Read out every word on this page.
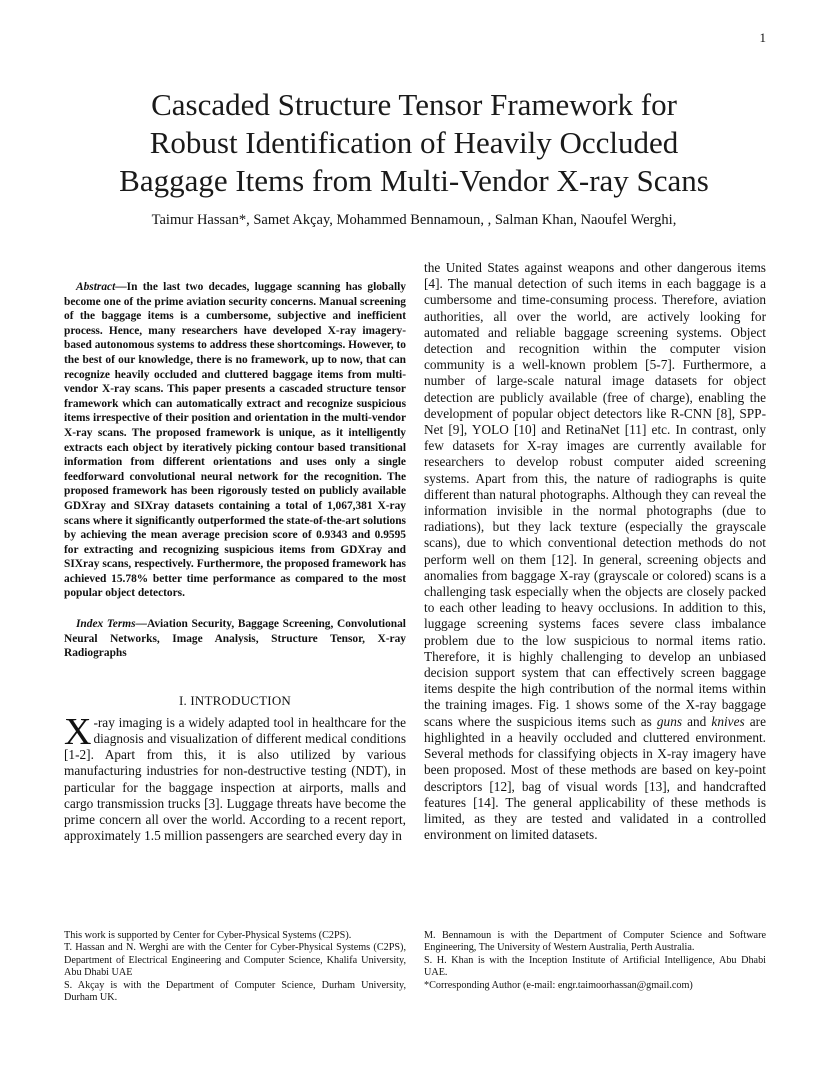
1
Cascaded Structure Tensor Framework for
Robust Identification of Heavily Occluded
Baggage Items from Multi-Vendor X-ray Scans
Taimur Hassan*, Samet Akçay, Mohammed Bennamoun, , Salman Khan, Naoufel Werghi,

Abstract—In the last two decades, luggage scanning has globally become one of the prime aviation security concerns. Manual screening of the baggage items is a cumbersome, subjective and inefficient process. Hence, many researchers have developed X-ray imagery-based autonomous systems to address these shortcomings. However, to the best of our knowledge, there is no framework, up to now, that can recognize heavily occluded and cluttered baggage items from multi-vendor X-ray scans. This paper presents a cascaded structure tensor framework which can automatically extract and recognize suspicious items irrespective of their position and orientation in the multi-vendor X-ray scans. The proposed framework is unique, as it intelligently extracts each object by iteratively picking contour based transitional information from different orientations and uses only a single feedforward convolutional neural network for the recognition. The proposed framework has been rigorously tested on publicly available GDXray and SIXray datasets containing a total of 1,067,381 X-ray scans where it significantly outperformed the state-of-the-art solutions by achieving the mean average precision score of 0.9343 and 0.9595 for extracting and recognizing suspicious items from GDXray and SIXray scans, respectively. Furthermore, the proposed framework has achieved 15.78% better time performance as compared to the most popular object detectors.

Index Terms—Aviation Security, Baggage Screening, Convolutional Neural Networks, Image Analysis, Structure Tensor, X-ray Radiographs

I. INTRODUCTION

X -ray imaging is a widely adapted tool in healthcare for the diagnosis and visualization of different medical conditions [1-2]. Apart from this, it is also utilized by various manufacturing industries for non-destructive testing (NDT), in particular for the baggage inspection at airports, malls and cargo transmission trucks [3]. Luggage threats have become the prime concern all over the world. According to a recent report, approximately 1.5 million passengers are searched every day in

the United States against weapons and other dangerous items [4]. The manual detection of such items in each baggage is a cumbersome and time-consuming process. Therefore, aviation authorities, all over the world, are actively looking for automated and reliable baggage screening systems. Object detection and recognition within the computer vision community is a well-known problem [5-7]. Furthermore, a number of large-scale natural image datasets for object detection are publicly available (free of charge), enabling the development of popular object detectors like R-CNN [8], SPP-Net [9], YOLO [10] and RetinaNet [11] etc. In contrast, only few datasets for X-ray images are currently available for researchers to develop robust computer aided screening systems. Apart from this, the nature of radiographs is quite different than natural photographs. Although they can reveal the information invisible in the normal photographs (due to radiations), but they lack texture (especially the grayscale scans), due to which conventional detection methods do not perform well on them [12]. In general, screening objects and anomalies from baggage X-ray (grayscale or colored) scans is a challenging task especially when the objects are closely packed to each other leading to heavy occlusions. In addition to this, luggage screening systems faces severe class imbalance problem due to the low suspicious to normal items ratio. Therefore, it is highly challenging to develop an unbiased decision support system that can effectively screen baggage items despite the high contribution of the normal items within the training images. Fig. 1 shows some of the X-ray baggage scans where the suspicious items such as guns and knives are highlighted in a heavily occluded and cluttered environment. Several methods for classifying objects in X-ray imagery have been proposed. Most of these methods are based on key-point descriptors [12], bag of visual words [13], and handcrafted features [14]. The general applicability of these methods is limited, as they are tested and validated in a controlled environment on limited datasets.

This work is supported by Center for Cyber-Physical Systems (C2PS).

T. Hassan and N. Werghi are with the Center for Cyber-Physical Systems (C2PS), Department of Electrical Engineering and Computer Science, Khalifa University, Abu Dhabi UAE

S. Akçay is with the Department of Computer Science, Durham University, Durham UK.

M. Bennamoun is with the Department of Computer Science and Software Engineering, The University of Western Australia, Perth Australia.

S. H. Khan is with the Inception Institute of Artificial Intelligence, Abu Dhabi UAE.

*Corresponding Author (e-mail: engr.taimoorhassan@gmail.com)
